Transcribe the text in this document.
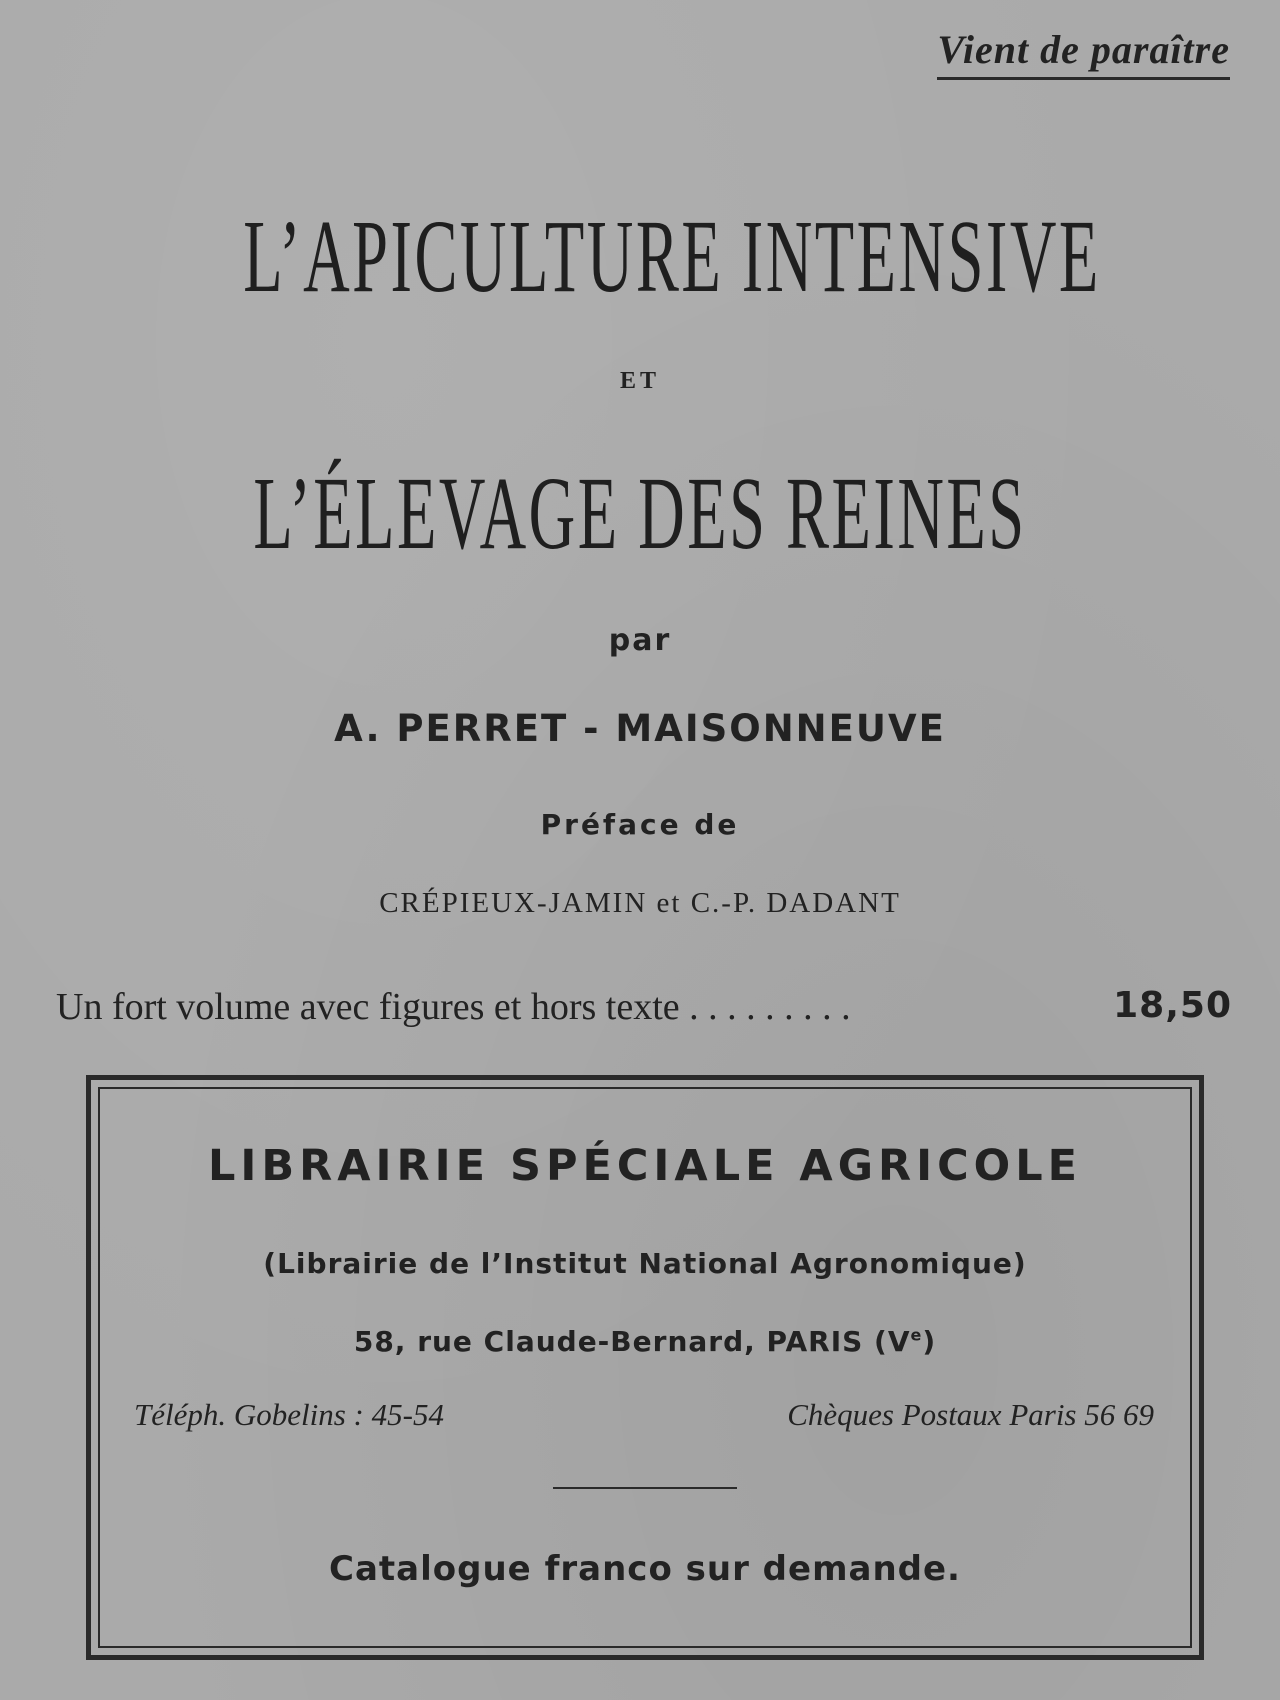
Vient de paraître
L’APICULTURE INTENSIVE
ET
L’ÉLEVAGE DES REINES
par
A. PERRET - MAISONNEUVE
Préface de
CRÉPIEUX-JAMIN et C.-P. DADANT
Un fort volume avec figures et hors texte . . . . . . . . .	18,50
LIBRAIRIE SPÉCIALE AGRICOLE
(Librairie de l’Institut National Agronomique)
58, rue Claude-Bernard, PARIS (Ve)
Téléph. Gobelins : 45-54	Chèques Postaux Paris 56 69
Catalogue franco sur demande.
